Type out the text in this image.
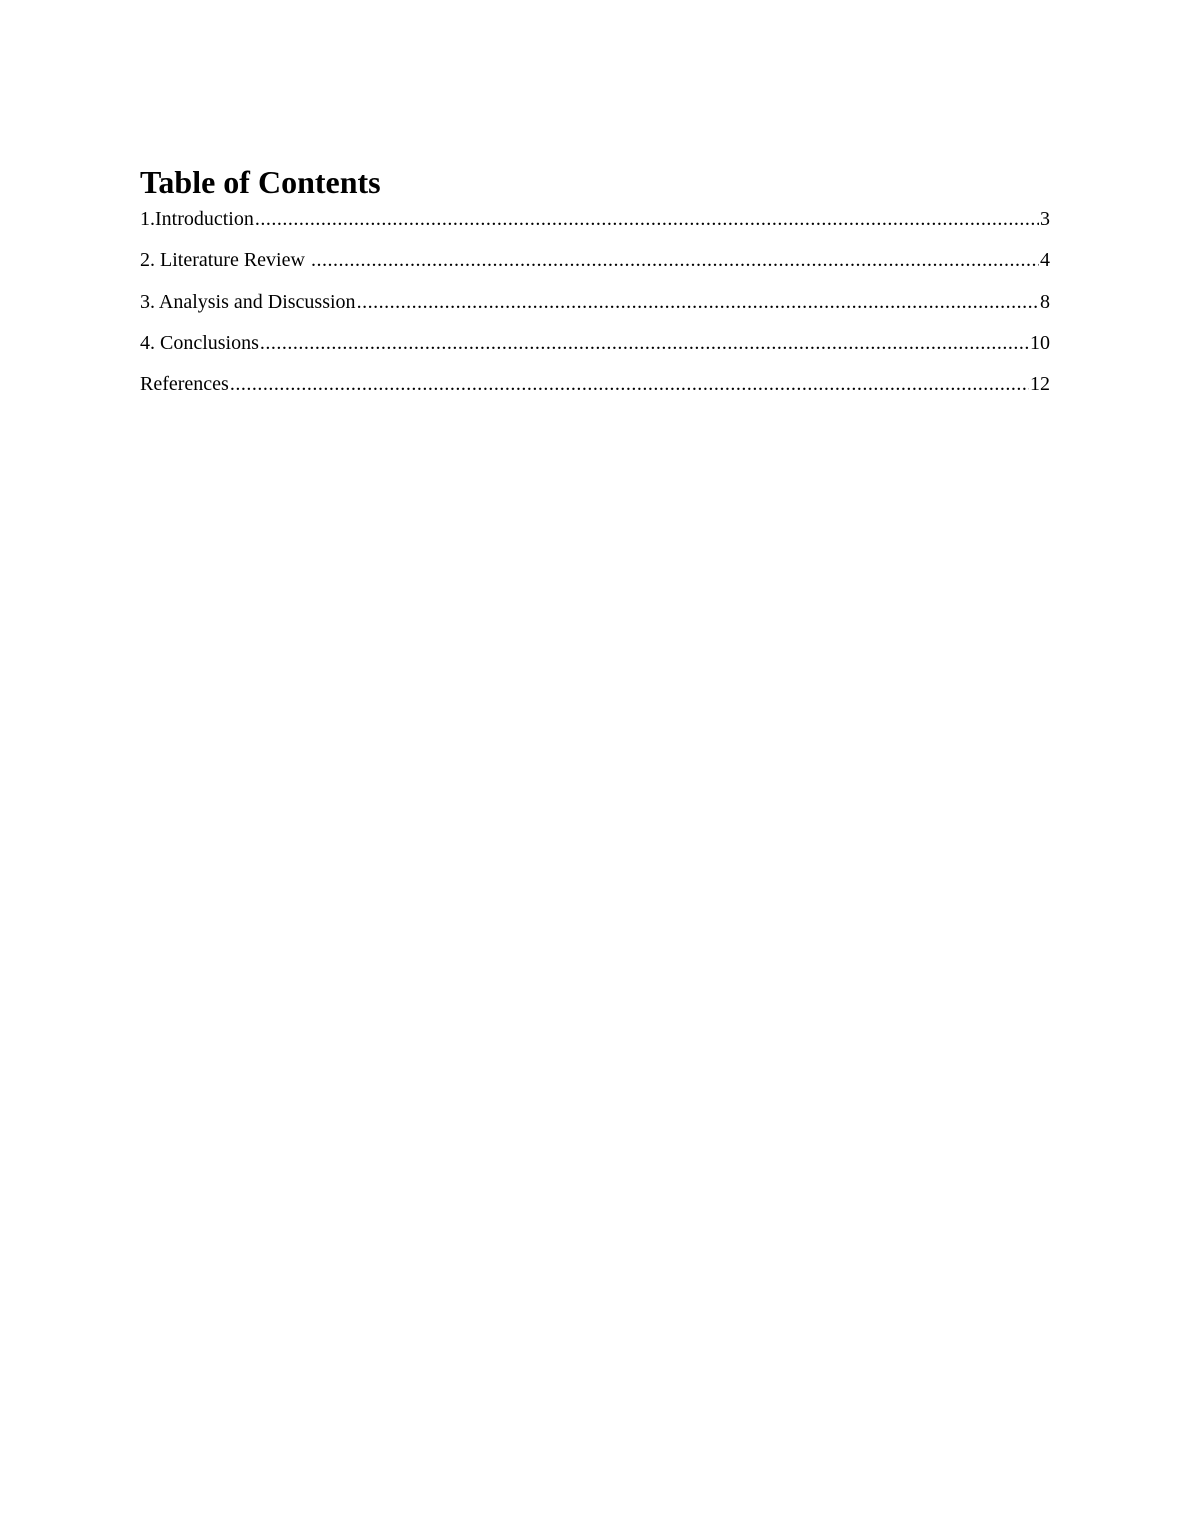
Table of Contents
1.Introduction .....	3
2. Literature Review .....	4
3. Analysis and Discussion .....	8
4. Conclusions .....	10
References .....	12
